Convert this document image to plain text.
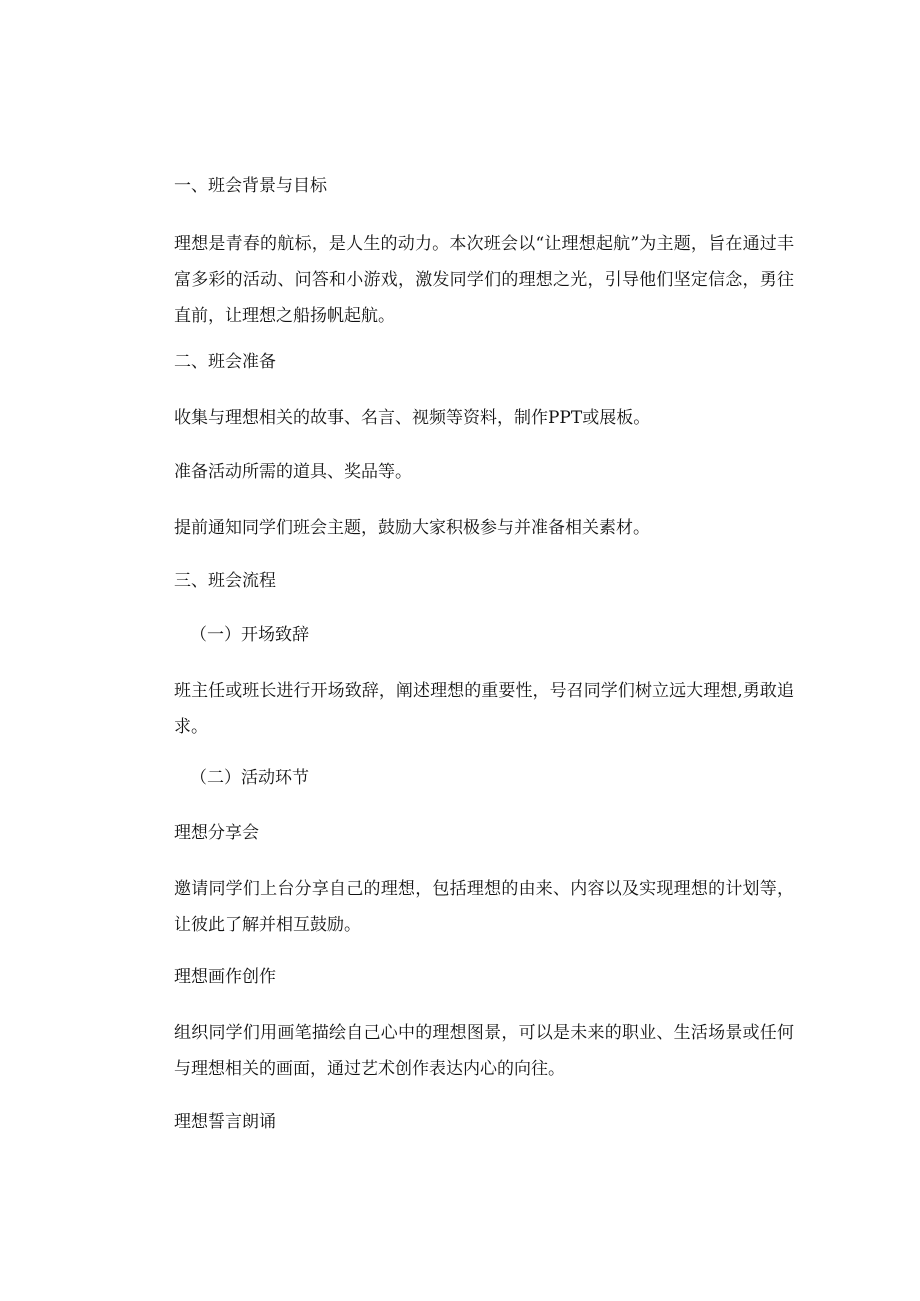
一、班会背景与目标

理想是青春的航标，是人生的动力。本次班会以“让理想起航”为主题，旨在通过丰富多彩的活动、问答和小游戏，激发同学们的理想之光，引导他们坚定信念，勇往直前，让理想之船扬帆起航。

二、班会准备

收集与理想相关的故事、名言、视频等资料，制作PPT或展板。

准备活动所需的道具、奖品等。

提前通知同学们班会主题，鼓励大家积极参与并准备相关素材。

三、班会流程

（一）开场致辞

班主任或班长进行开场致辞，阐述理想的重要性，号召同学们树立远大理想,勇敢追求。

（二）活动环节

理想分享会

邀请同学们上台分享自己的理想，包括理想的由来、内容以及实现理想的计划等，让彼此了解并相互鼓励。

理想画作创作

组织同学们用画笔描绘自己心中的理想图景，可以是未来的职业、生活场景或任何与理想相关的画面，通过艺术创作表达内心的向往。

理想誓言朗诵
